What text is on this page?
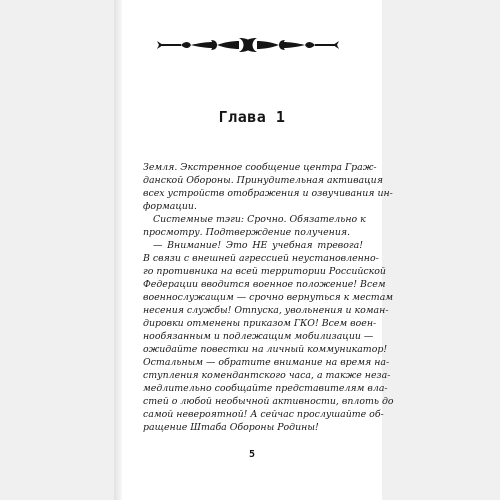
Глава 1
Земля. Экстренное сообщение центра Граж-
данской Обороны. Принудительная активация
всех устройств отображения и озвучивания ин-
формации.
Системные тэги: Срочно. Обязательно к
просмотру. Подтверждение получения.
— Внимание! Это НЕ учебная тревога!
В связи с внешней агрессией неустановленно-
го противника на всей территории Российской
Федерации вводится военное положение! Всем
военнослужащим — срочно вернуться к местам
несения службы! Отпуска, увольнения и коман-
дировки отменены приказом ГКО! Всем воен-
нообязанным и подлежащим мобилизации —
ожидайте повестки на личный коммуникатор!
Остальным — обратите внимание на время на-
ступления комендантского часа, а также неза-
медлительно сообщайте представителям вла-
стей о любой необычной активности, вплоть до
самой невероятной! А сейчас прослушайте об-
ращение Штаба Обороны Родины!
5
